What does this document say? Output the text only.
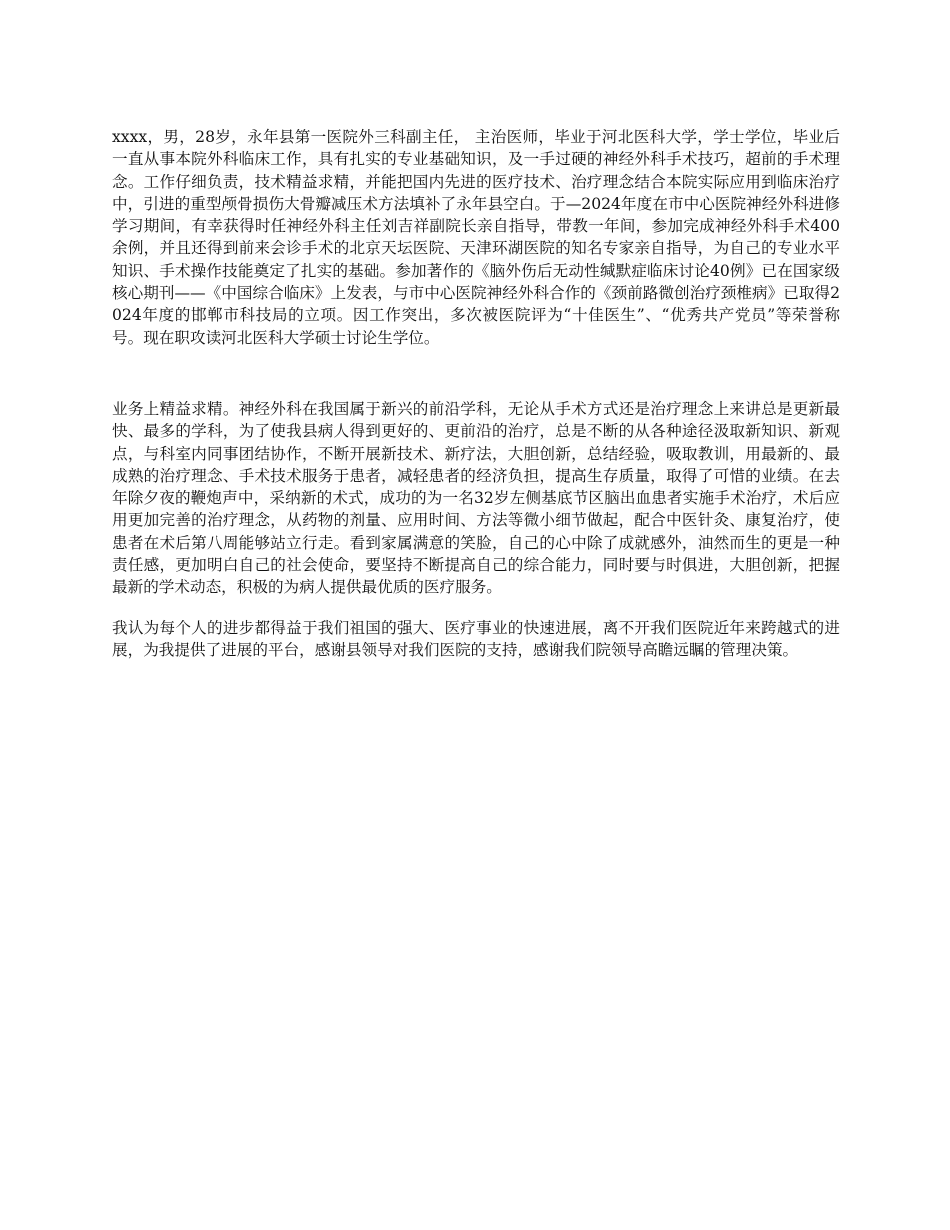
xxxx，男，28岁，永年县第一医院外三科副主任， 主治医师，毕业于河北医科大学，学士学位，毕业后一直从事本院外科临床工作，具有扎实的专业基础知识，及一手过硬的神经外科手术技巧，超前的手术理念。工作仔细负责，技术精益求精，并能把国内先进的医疗技术、治疗理念结合本院实际应用到临床治疗中，引进的重型颅骨损伤大骨瓣减压术方法填补了永年县空白。于—2024年度在市中心医院神经外科进修学习期间，有幸获得时任神经外科主任刘吉祥副院长亲自指导，带教一年间，参加完成神经外科手术400余例，并且还得到前来会诊手术的北京天坛医院、天津环湖医院的知名专家亲自指导，为自己的专业水平知识、手术操作技能奠定了扎实的基础。参加著作的《脑外伤后无动性缄默症临床讨论40例》已在国家级核心期刊——《中国综合临床》上发表，与市中心医院神经外科合作的《颈前路微创治疗颈椎病》已取得2024年度的邯郸市科技局的立项。因工作突出，多次被医院评为“十佳医生”、“优秀共产党员”等荣誉称号。现在职攻读河北医科大学硕士讨论生学位。

业务上精益求精。神经外科在我国属于新兴的前沿学科，无论从手术方式还是治疗理念上来讲总是更新最快、最多的学科，为了使我县病人得到更好的、更前沿的治疗，总是不断的从各种途径汲取新知识、新观点，与科室内同事团结协作，不断开展新技术、新疗法，大胆创新，总结经验，吸取教训，用最新的、最成熟的治疗理念、手术技术服务于患者，减轻患者的经济负担，提高生存质量，取得了可惜的业绩。在去年除夕夜的鞭炮声中，采纳新的术式，成功的为一名32岁左侧基底节区脑出血患者实施手术治疗，术后应用更加完善的治疗理念，从药物的剂量、应用时间、方法等微小细节做起，配合中医针灸、康复治疗，使患者在术后第八周能够站立行走。看到家属满意的笑脸，自己的心中除了成就感外，油然而生的更是一种责任感，更加明白自己的社会使命，要坚持不断提高自己的综合能力，同时要与时俱进，大胆创新，把握最新的学术动态，积极的为病人提供最优质的医疗服务。

我认为每个人的进步都得益于我们祖国的强大、医疗事业的快速进展，离不开我们医院近年来跨越式的进展，为我提供了进展的平台，感谢县领导对我们医院的支持，感谢我们院领导高瞻远瞩的管理决策。
